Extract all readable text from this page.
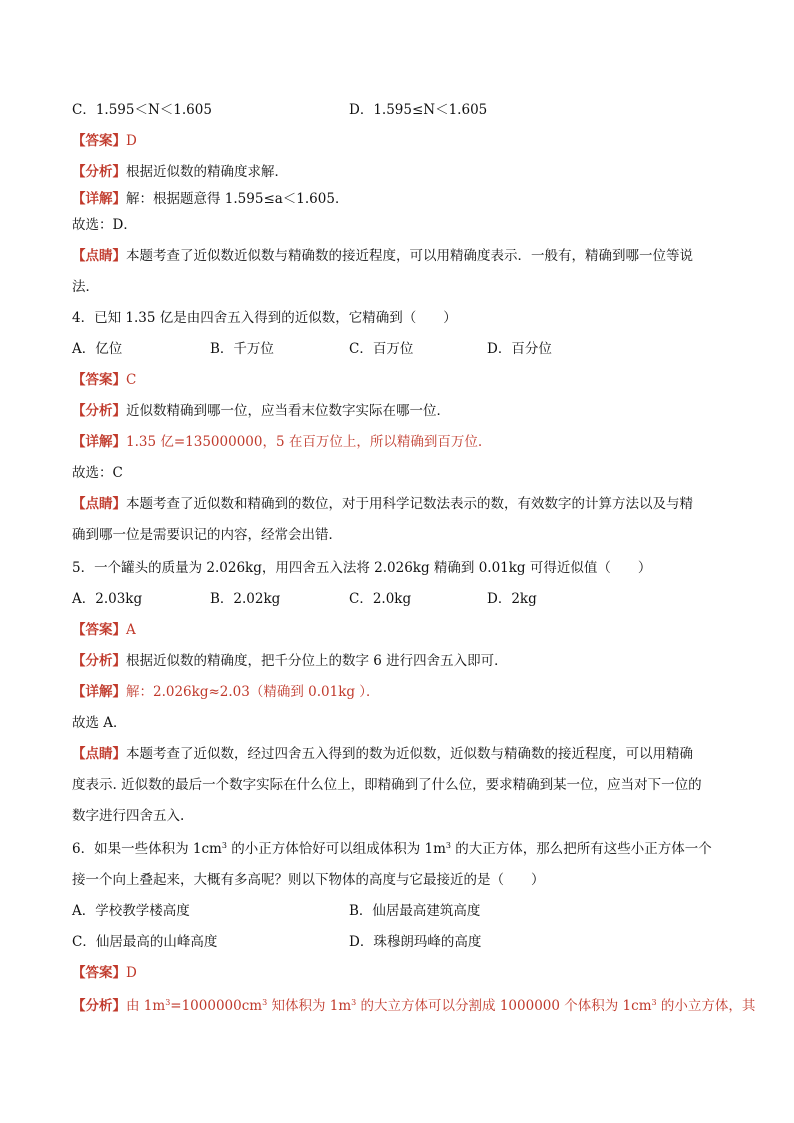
C．1.595＜N＜1.605	D．1.595≤N＜1.605
【答案】D
【分析】根据近似数的精确度求解．
【详解】解：根据题意得 1.595≤a＜1.605．
故选：D．
【点睛】本题考查了近似数近似数与精确数的接近程度，可以用精确度表示．一般有，精确到哪一位等说
法．
4．已知 1.35 亿是由四舍五入得到的近似数，它精确到（　　）
A．亿位	B．千万位	C．百万位	D．百分位
【答案】C
【分析】近似数精确到哪一位，应当看末位数字实际在哪一位．
【详解】1.35 亿=135000000，5 在百万位上，所以精确到百万位.
故选：C
【点睛】本题考查了近似数和精确到的数位，对于用科学记数法表示的数，有效数字的计算方法以及与精
确到哪一位是需要识记的内容，经常会出错．
5．一个罐头的质量为 2.026kg，用四舍五入法将 2.026kg 精确到 0.01kg 可得近似值（　　）
A．2.03kg	B．2.02kg	C．2.0kg	D．2kg
【答案】A
【分析】根据近似数的精确度，把千分位上的数字 6 进行四舍五入即可．
【详解】解：2.026kg≈2.03（精确到 0.01kg ）．
故选 A．
【点睛】本题考查了近似数，经过四舍五入得到的数为近似数，近似数与精确数的接近程度，可以用精确
度表示. 近似数的最后一个数字实际在什么位上，即精确到了什么位，要求精确到某一位，应当对下一位的
数字进行四舍五入.
6．如果一些体积为 $1cm^3$ 的小正方体恰好可以组成体积为 $1m^3$ 的大正方体，那么把所有这些小正方体一个
接一个向上叠起来，大概有多高呢？则以下物体的高度与它最接近的是（　　）
A．学校教学楼高度	B．仙居最高建筑高度
C．仙居最高的山峰高度	D．珠穆朗玛峰的高度
【答案】D
【分析】由 $1m^3=1000000cm^3$ 知体积为 $1m^3$ 的大立方体可以分割成 1000000 个体积为 $1cm^3$ 的小立方体，其
